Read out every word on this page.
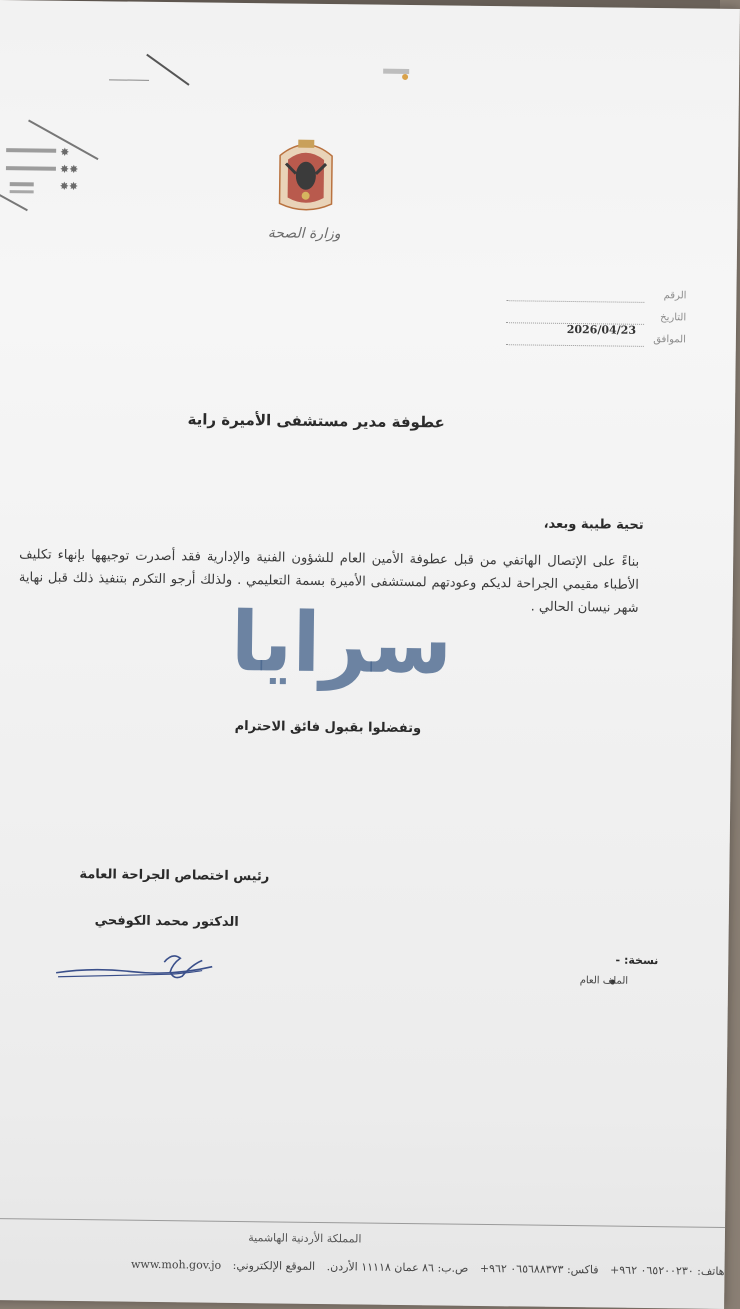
✸
✸✸
✸✸
وزارة الصحة
الرقم
التاريخ
الموافق
2026/04/23
عطوفة مدير مستشفى الأميرة راية
تحية طيبة وبعد،
بناءً على الإتصال الهاتفي من قبل عطوفة الأمين العام للشؤون الفنية والإدارية فقد أصدرت توجيهها بإنهاء تكليف الأطباء مقيمي الجراحة لديكم وعودتهم لمستشفى الأميرة بسمة التعليمي . ولذلك أرجو التكرم بتنفيذ ذلك قبل نهاية شهر نيسان الحالي .
سرايا
وتفضلوا بقبول فائق الاحترام
رئيس اختصاص الجراحة العامة
الدكتور محمد الكوفحي
نسخة: -
الملف العام
المملكة الأردنية الهاشمية
هاتف: ٠٦٥٢٠٠٢٣٠ ٩٦٢+ فاكس: ٠٦٥٦٨٨٣٧٣ ٩٦٢+ ص.ب: ٨٦ عمان ١١١١٨ الأردن. الموقع الإلكتروني: www.moh.gov.jo
